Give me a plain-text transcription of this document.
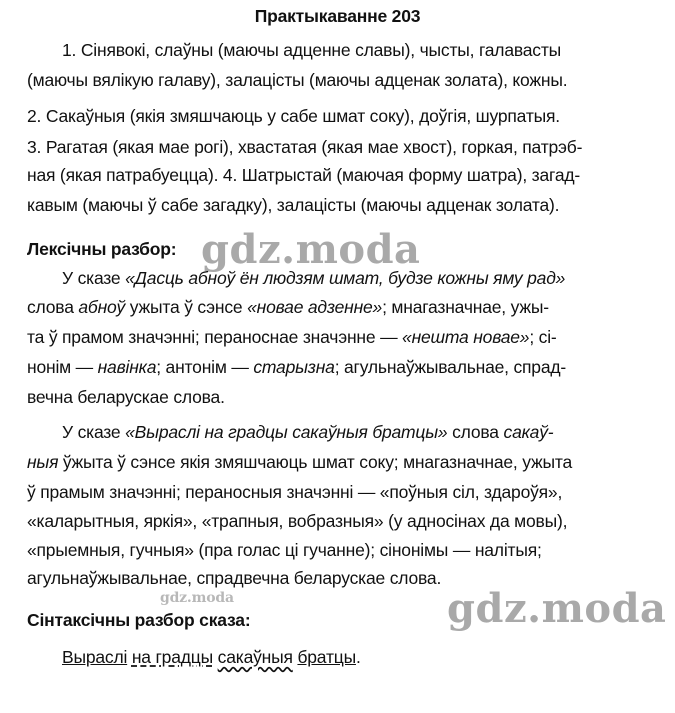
Практыкаванне 203
1. Сінявокі, слаўны (маючы адценне славы), чысты, галавасты
(маючы вялікую галаву), залацісты (маючы адценак золата), кожны.
2. Сакаўныя (якія змяшчаюць у сабе шмат соку), доўгія, шурпатыя.
3. Рагатая (якая мае рогі), хвастатая (якая мае хвост), горкая, патрэб-
ная (якая патрабуецца). 4. Шатрыстай (маючая форму шатра), загад-
кавым (маючы ў сабе загадку), залацісты (маючы адценак золата).
Лексічны разбор: gdz.moda
У сказе «Дасць абноў ён людзям шмат, будзе кожны яму рад»
слова абноў ужыта ў сэнсе «новае адзенне»; мнагазначнае, ужы-
та ў прамом значэнні; пераноснае значэнне — «нешта новае»; сі-
нонім — навінка; антонім — старызна; агульнаўжывальнае, спрад-
вечна беларускае слова.
У сказе «Выраслі на градцы сакаўныя братцы» слова сакаў-
ныя ўжыта ў сэнсе якія змяшчаюць шмат соку; мнагазначнае, ужыта
ў прамым значэнні; пераносныя значэнні — «поўныя сіл, здароўя»,
«каларытныя, яркія», «трапныя, вобразныя» (у адносінах да мовы),
«прыемныя, гучныя» (пра голас ці гучанне); сінонімы — налітыя;
агульнаўжывальнае, спрадвечна беларускае слова.
gdz.moda	gdz.moda
Сінтаксічны разбор сказа:
Выраслі на градцы сакаўныя братцы.
